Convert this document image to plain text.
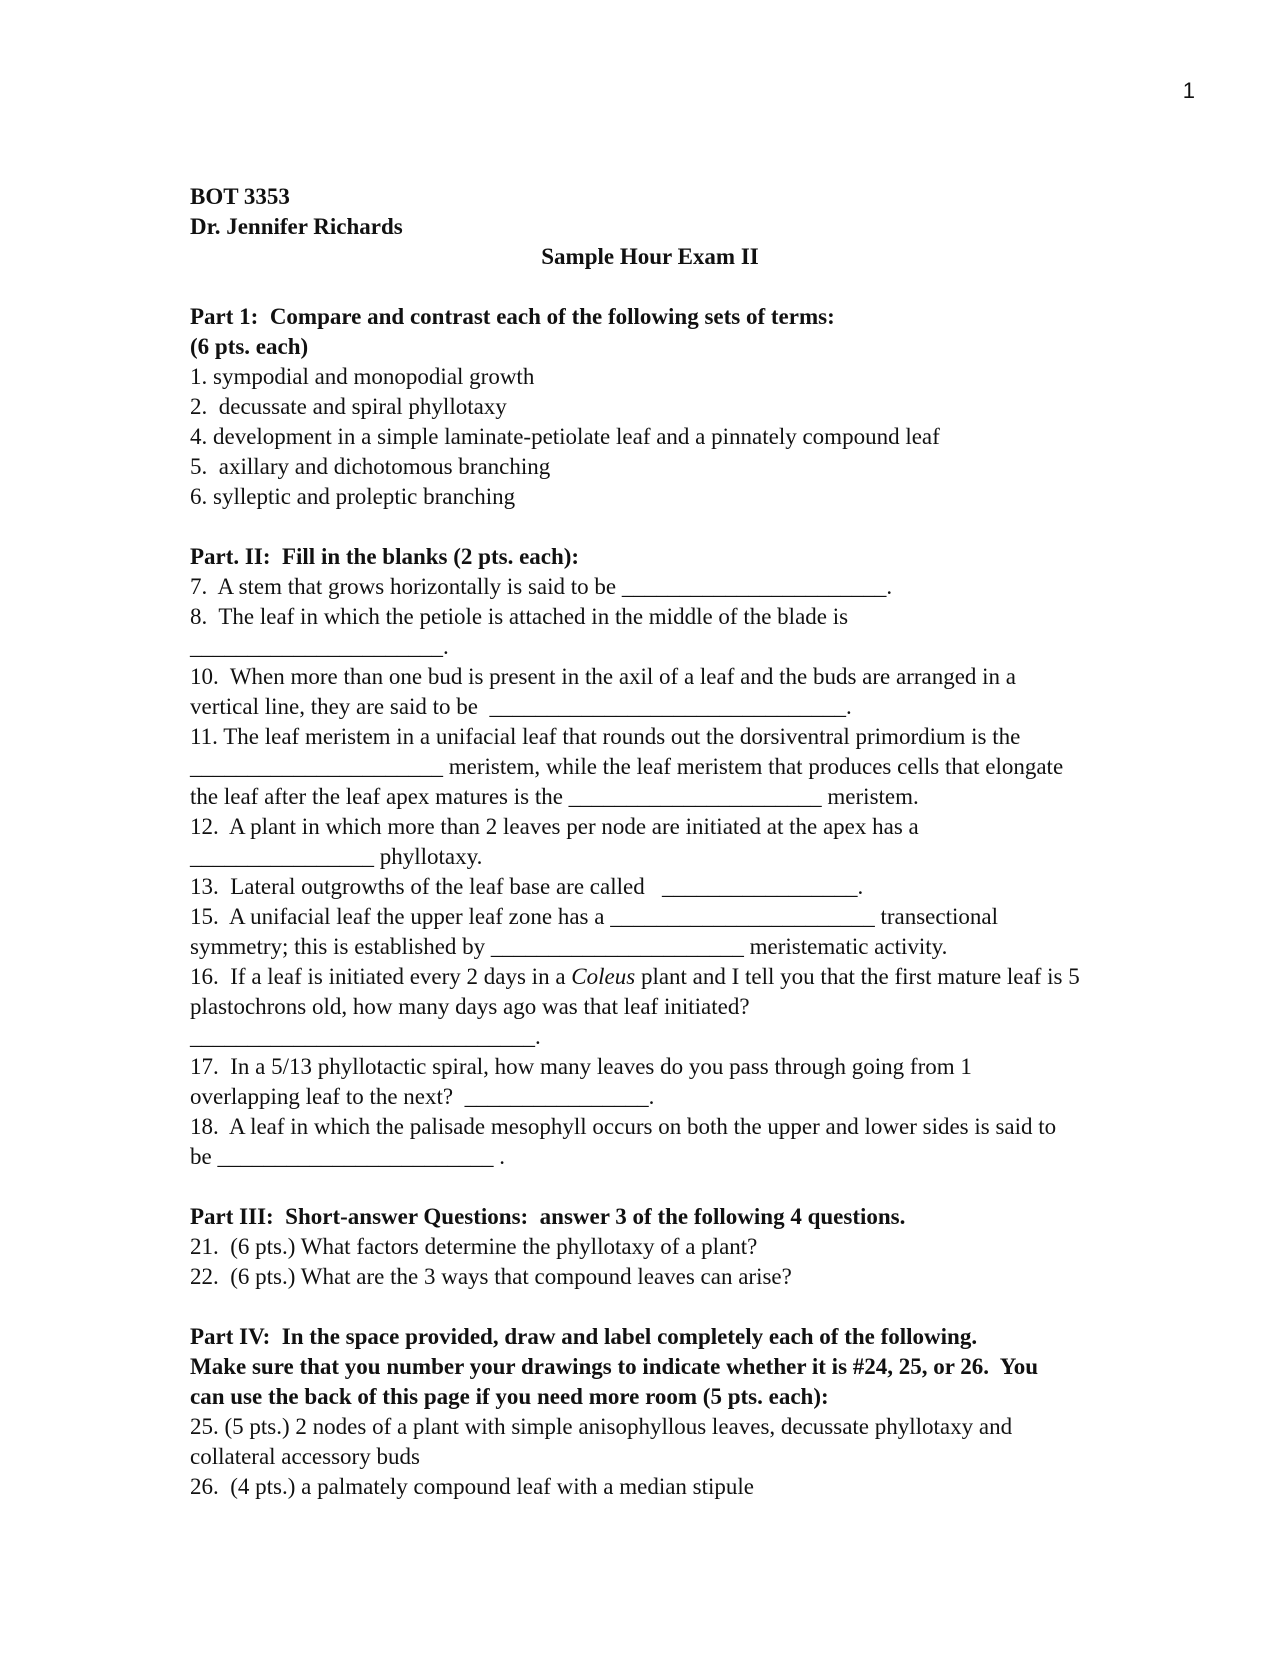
1
BOT 3353
Dr. Jennifer Richards
Sample Hour Exam II
Part 1:  Compare and contrast each of the following sets of terms:
(6 pts. each)
1. sympodial and monopodial growth
2.  decussate and spiral phyllotaxy
4. development in a simple laminate-petiolate leaf and a pinnately compound leaf
5.  axillary and dichotomous branching
6. sylleptic and proleptic branching
Part. II:  Fill in the blanks (2 pts. each):
7.  A stem that grows horizontally is said to be _______________________.
8.  The leaf in which the petiole is attached in the middle of the blade is
______________________.
10.  When more than one bud is present in the axil of a leaf and the buds are arranged in a
vertical line, they are said to be  _______________________________.
11. The leaf meristem in a unifacial leaf that rounds out the dorsiventral primordium is the
______________________ meristem, while the leaf meristem that produces cells that elongate
the leaf after the leaf apex matures is the ______________________ meristem.
12.  A plant in which more than 2 leaves per node are initiated at the apex has a
________________ phyllotaxy.
13.  Lateral outgrowths of the leaf base are called   _________________.
15.  A unifacial leaf the upper leaf zone has a _______________________ transectional
symmetry; this is established by ______________________ meristematic activity.
16.  If a leaf is initiated every 2 days in a Coleus plant and I tell you that the first mature leaf is 5
plastochrons old, how many days ago was that leaf initiated?
______________________________.
17.  In a 5/13 phyllotactic spiral, how many leaves do you pass through going from 1
overlapping leaf to the next?  ________________.
18.  A leaf in which the palisade mesophyll occurs on both the upper and lower sides is said to
be ________________________ .
Part III:  Short-answer Questions:  answer 3 of the following 4 questions.
21.  (6 pts.) What factors determine the phyllotaxy of a plant?
22.  (6 pts.) What are the 3 ways that compound leaves can arise?
Part IV:  In the space provided, draw and label completely each of the following.
Make sure that you number your drawings to indicate whether it is #24, 25, or 26.  You
can use the back of this page if you need more room (5 pts. each):
25. (5 pts.) 2 nodes of a plant with simple anisophyllous leaves, decussate phyllotaxy and
collateral accessory buds
26.  (4 pts.) a palmately compound leaf with a median stipule
